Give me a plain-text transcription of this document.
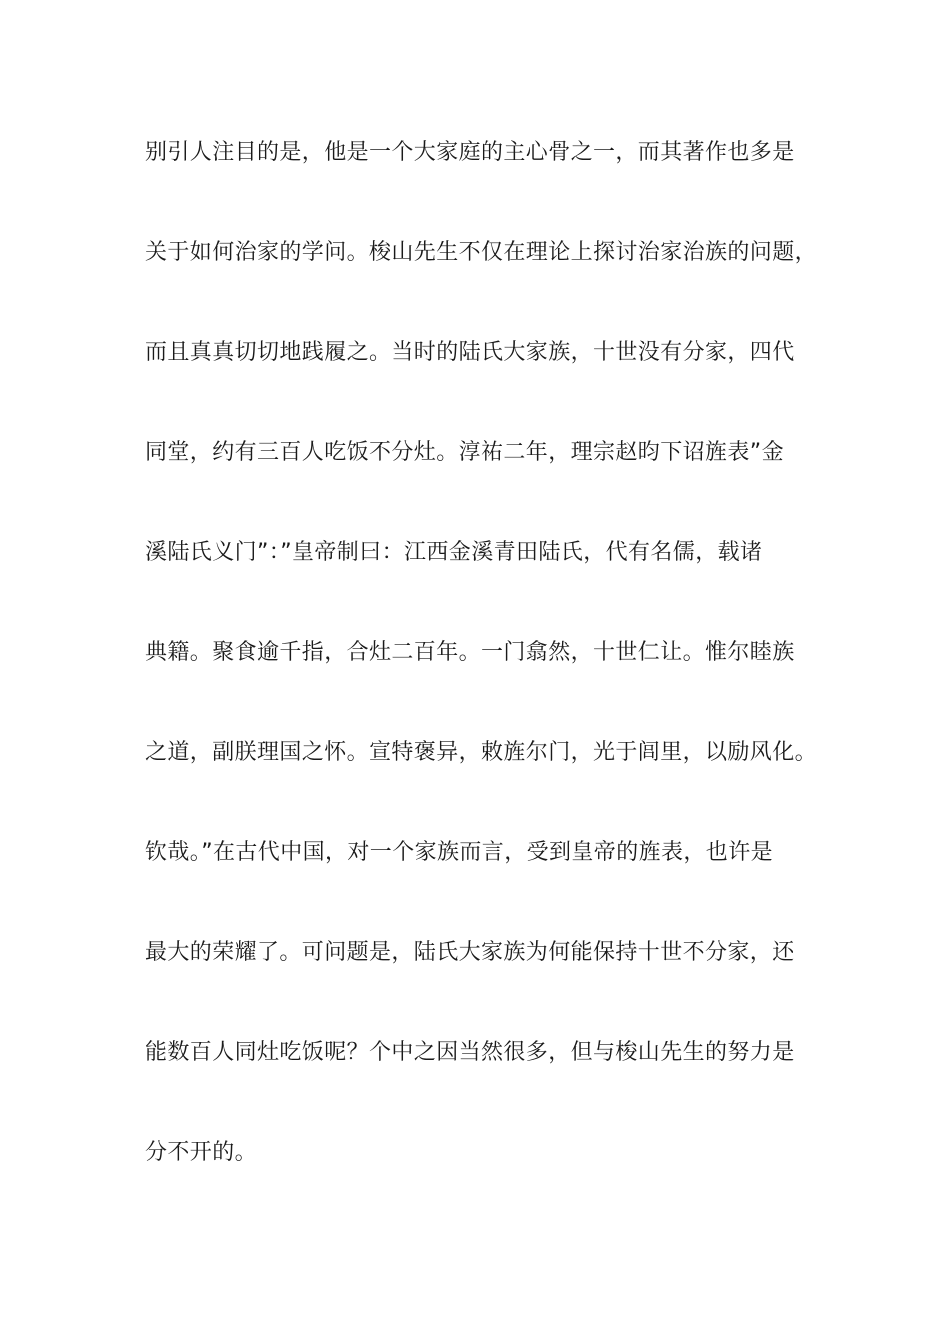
别引人注目的是，他是一个大家庭的主心骨之一，而其著作也多是
关于如何治家的学问。梭山先生不仅在理论上探讨治家治族的问题，
而且真真切切地践履之。当时的陆氏大家族，十世没有分家，四代
同堂，约有三百人吃饭不分灶。淳祐二年，理宗赵昀下诏旌表”金
溪陆氏义门”：”皇帝制曰：江西金溪青田陆氏，代有名儒，载诸
典籍。聚食逾千指，合灶二百年。一门翕然，十世仁让。惟尔睦族
之道，副朕理国之怀。宣特褒异，敕旌尔门，光于闾里，以励风化。
钦哉。”在古代中国，对一个家族而言，受到皇帝的旌表，也许是
最大的荣耀了。可问题是，陆氏大家族为何能保持十世不分家，还
能数百人同灶吃饭呢？个中之因当然很多，但与梭山先生的努力是
分不开的。
